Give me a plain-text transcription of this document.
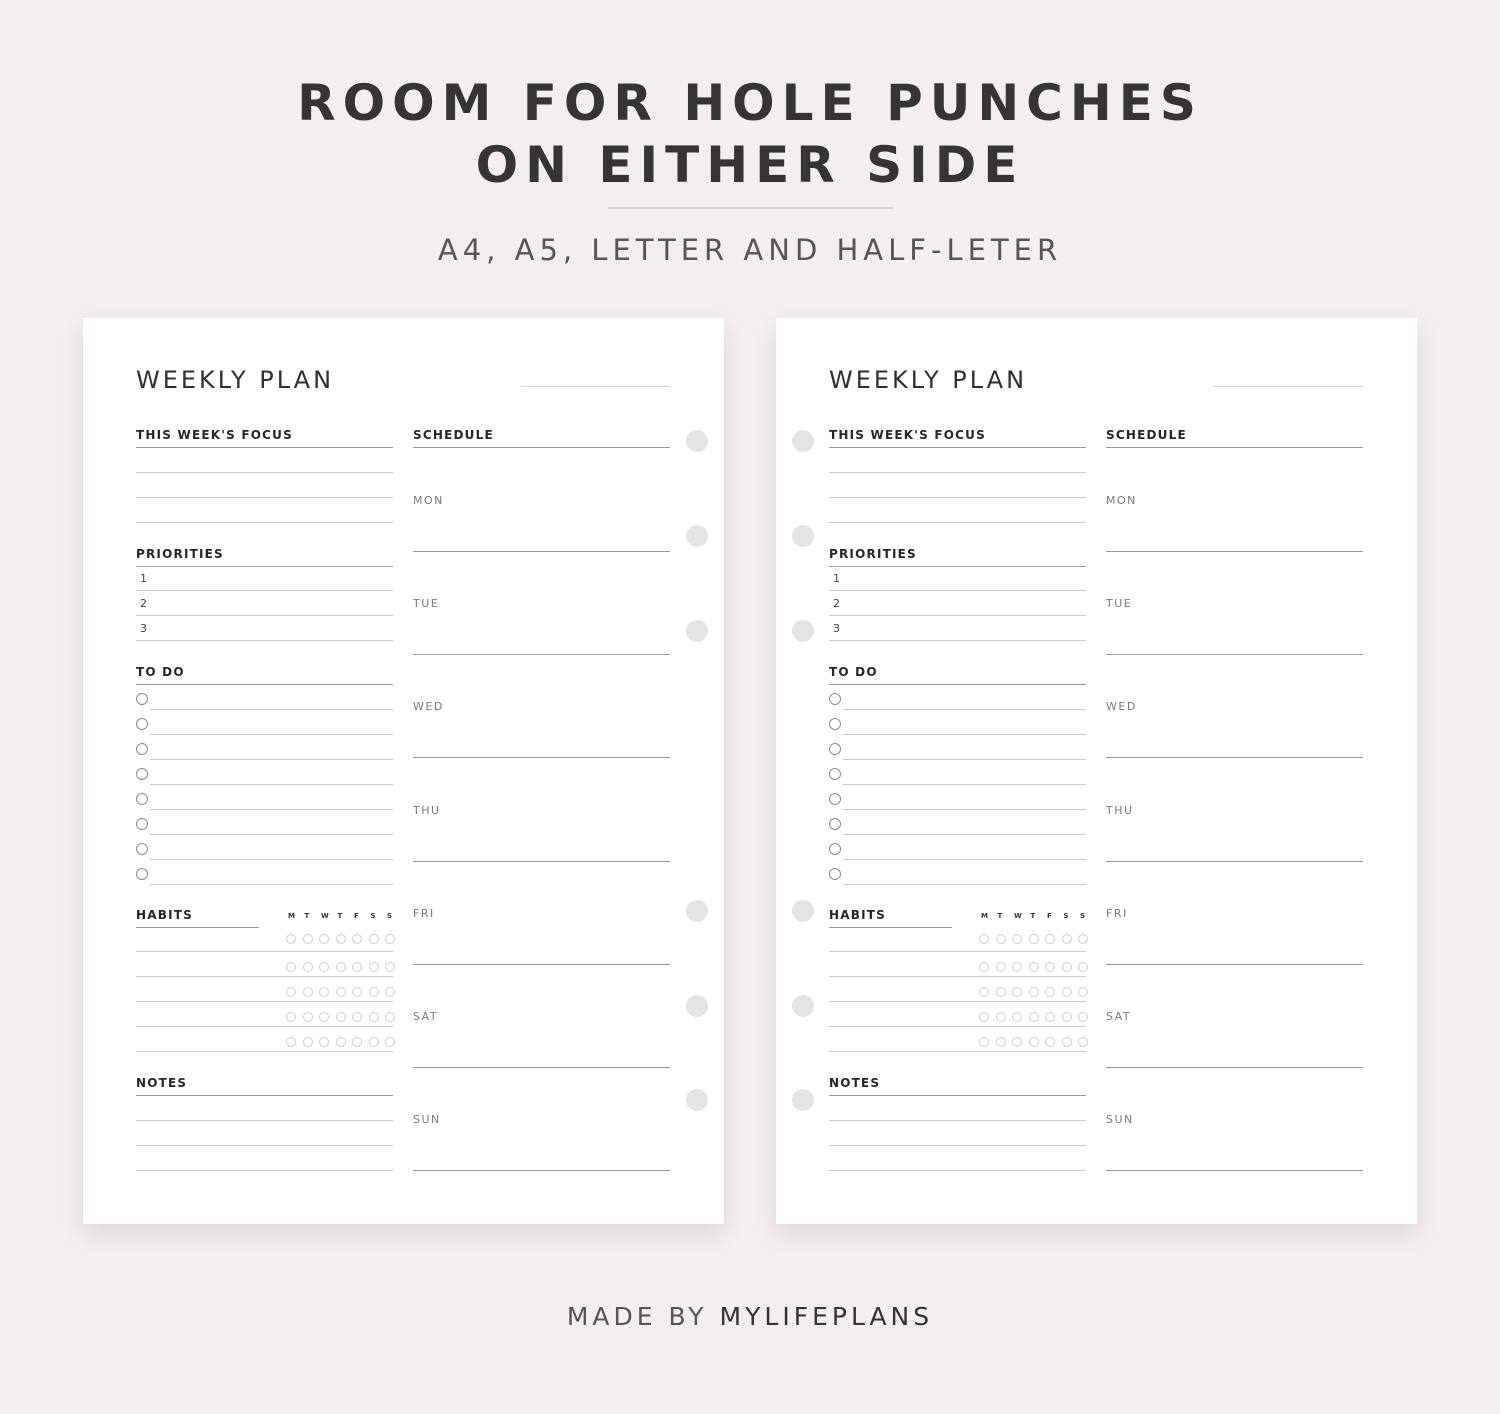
ROOM FOR HOLE PUNCHES
ON EITHER SIDE
A4, A5, LETTER AND HALF-LETER
WEEKLY PLAN
THIS WEEK'S FOCUS	SCHEDULE
PRIORITIES
1
2
3
TO DO
HABITS	M T W T F S S
NOTES
MON
TUE
WED
THU
FRI
SAT
SUN
WEEKLY PLAN
THIS WEEK'S FOCUS	SCHEDULE
PRIORITIES
1
2
3
TO DO
HABITS	M T W T F S S
NOTES
MON
TUE
WED
THU
FRI
SAT
SUN
MADE BY MYLIFEPLANS
